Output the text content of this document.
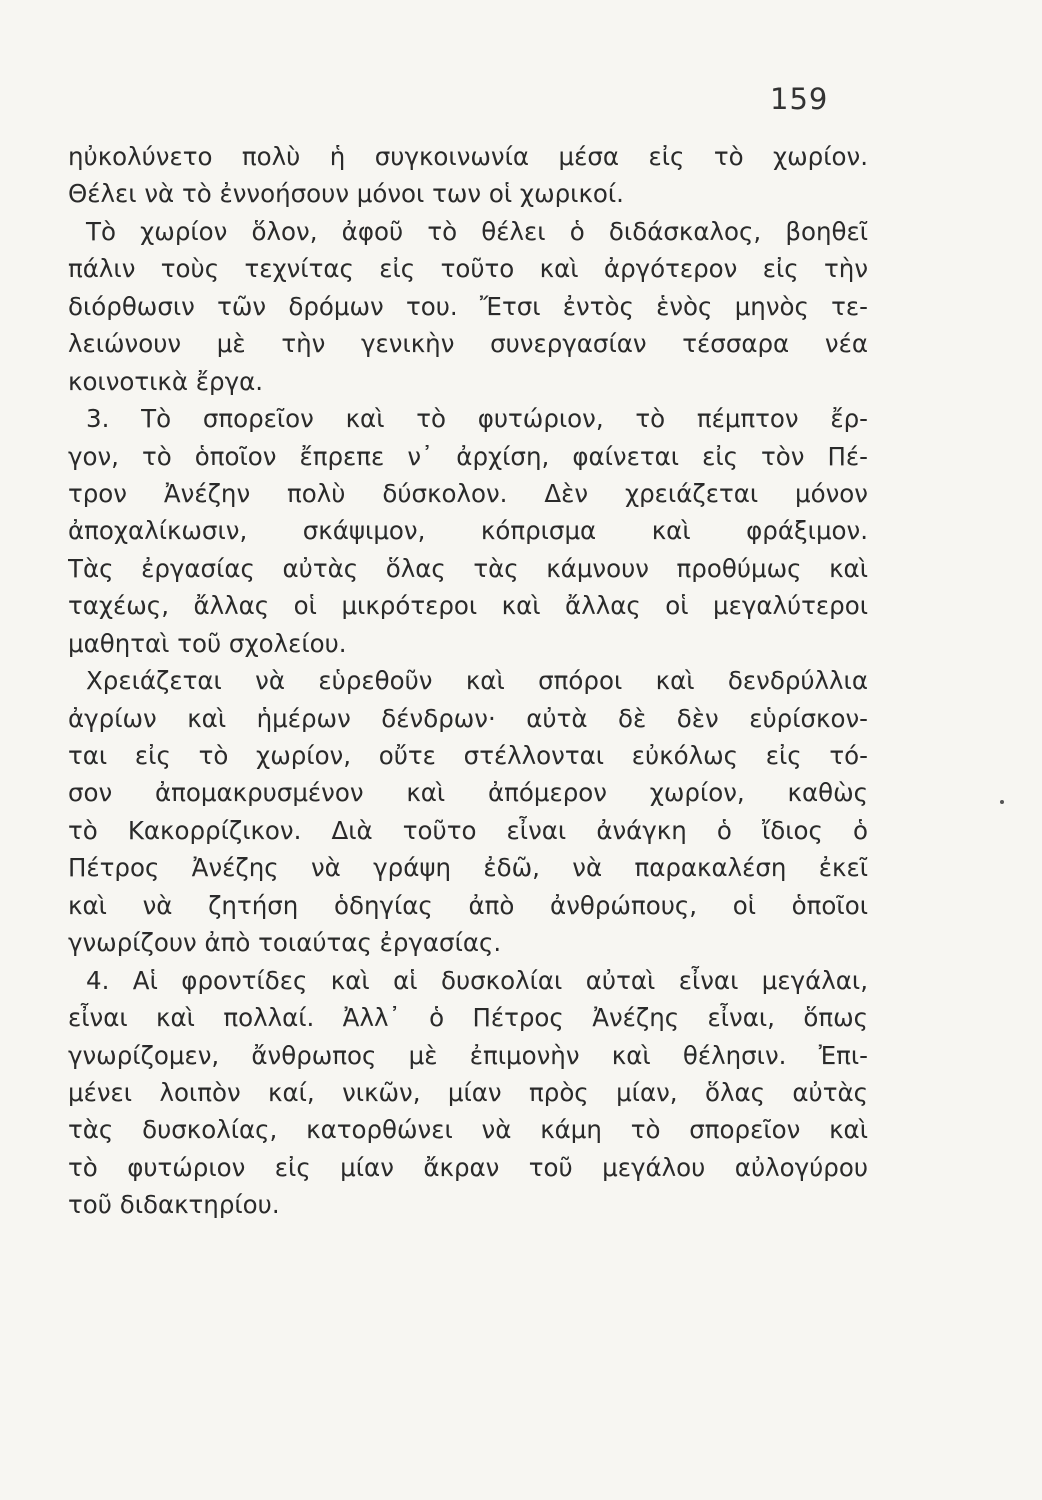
159
ηὐκολύνετο πολὺ ἡ συγκοινωνία μέσα εἰς τὸ χωρίον.
Θέλει νὰ τὸ ἐννοήσουν μόνοι των οἱ χωρικοί.
Τὸ χωρίον ὅλον, ἀφοῦ τὸ θέλει ὁ διδάσκαλος, βοηθεῖ
πάλιν τοὺς τεχνίτας εἰς τοῦτο καὶ ἀργότερον εἰς τὴν
διόρθωσιν τῶν δρόμων του. Ἔτσι ἐντὸς ἑνὸς μηνὸς τε-
λειώνουν μὲ τὴν γενικὴν συνεργασίαν τέσσαρα νέα
κοινοτικὰ ἔργα.
3. Τὸ σπορεῖον καὶ τὸ φυτώριον, τὸ πέμπτον ἔρ-
γον, τὸ ὁποῖον ἔπρεπε ν᾽ ἀρχίση, φαίνεται εἰς τὸν Πέ-
τρον Ἀνέζην πολὺ δύσκολον. Δὲν χρειάζεται μόνον
ἀποχαλίκωσιν, σκάψιμον, κόπρισμα καὶ φράξιμον.
Τὰς ἐργασίας αὐτὰς ὅλας τὰς κάμνουν προθύμως καὶ
ταχέως, ἄλλας οἱ μικρότεροι καὶ ἄλλας οἱ μεγαλύτεροι
μαθηταὶ τοῦ σχολείου.
Χρειάζεται νὰ εὑρεθοῦν καὶ σπόροι καὶ δενδρύλλια
ἀγρίων καὶ ἡμέρων δένδρων· αὐτὰ δὲ δὲν εὑρίσκον-
ται εἰς τὸ χωρίον, οὔτε στέλλονται εὐκόλως εἰς τό-
σον ἀπομακρυσμένον καὶ ἀπόμερον χωρίον, καθὼς
τὸ Κακορρίζικον. Διὰ τοῦτο εἶναι ἀνάγκη ὁ ἴδιος ὁ
Πέτρος Ἀνέζης νὰ γράψη ἐδῶ, νὰ παρακαλέση ἐκεῖ
καὶ νὰ ζητήση ὁδηγίας ἀπὸ ἀνθρώπους, οἱ ὁποῖοι
γνωρίζουν ἀπὸ τοιαύτας ἐργασίας.
4. Αἱ φροντίδες καὶ αἱ δυσκολίαι αὐταὶ εἶναι μεγάλαι,
εἶναι καὶ πολλαί. Ἀλλ᾽ ὁ Πέτρος Ἀνέζης εἶναι, ὅπως
γνωρίζομεν, ἄνθρωπος μὲ ἐπιμονὴν καὶ θέλησιν. Ἐπι-
μένει λοιπὸν καί, νικῶν, μίαν πρὸς μίαν, ὅλας αὐτὰς
τὰς δυσκολίας, κατορθώνει νὰ κάμη τὸ σπορεῖον καὶ
τὸ φυτώριον εἰς μίαν ἄκραν τοῦ μεγάλου αὐλογύρου
τοῦ διδακτηρίου.
